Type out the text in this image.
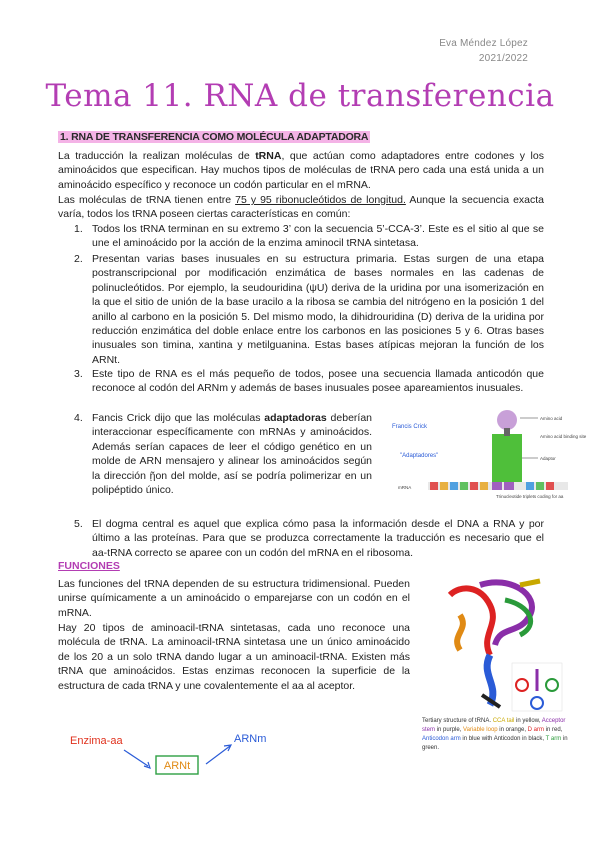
Eva Méndez López
2021/2022
Tema 11. RNA de transferencia
1. RNA DE TRANSFERENCIA COMO MOLÉCULA ADAPTADORA
La traducción la realizan moléculas de tRNA, que actúan como adaptadores entre codones y los aminoácidos que especifican. Hay muchos tipos de moléculas de tRNA pero cada una está unida a un aminoácido específico y reconoce un codón particular en el mRNA.
Las moléculas de tRNA tienen entre 75 y 95 ribonucleótidos de longitud. Aunque la secuencia exacta varía, todos los tRNA poseen ciertas características en común:
1. Todos los tRNA terminan en su extremo 3’ con la secuencia 5’-CCA-3’. Este es el sitio al que se une el aminoácido por la acción de la enzima aminocil tRNA sintetasa.
2. Presentan varias bases inusuales en su estructura primaria. Estas surgen de una etapa postranscripcional por modificación enzimática de bases normales en las cadenas de polinucleótidos. Por ejemplo, la seudouridina (ψU) deriva de la uridina por una isomerización en la que el sitio de unión de la base uracilo a la ribosa se cambia del nitrógeno en la posición 1 del anillo al carbono en la posición 5. Del mismo modo, la dihidrouridina (D) deriva de la uridina por reducción enzimática del doble enlace entre los carbonos en las posiciones 5 y 6. Otras bases inusuales son timina, xantina y metilguanina. Estas bases atípicas mejoran la función de los ARNt.
3. Este tipo de RNA es el más pequeño de todos, posee una secuencia llamada anticodón que reconoce al codón del ARNm y además de bases inusuales posee apareamientos inusuales.
4. Fancis Crick dijo que las moléculas adaptadoras deberían interaccionar específicamente con mRNAs y aminoácidos. Además serían capaces de leer el código genético en un molde de ARN mensajero y alinear los aminoácidos según la dirección ῇon del molde, así se podría polimerizar en un polipéptido único.
Francis Crick
"Adaptadores"
Amino acid
Amino acid binding site
Adaptor
mRNA
Trinucleotide triplets coding for aa
5. El dogma central es aquel que explica cómo pasa la información desde el DNA a RNA y por último a las proteínas. Para que se produzca correctamente la traducción es necesario que el aa-tRNA correcto se aparee con un codón del mRNA en el ribosoma.
FUNCIONES
Las funciones del tRNA dependen de su estructura tridimensional. Pueden unirse químicamente a un aminoácido o emparejarse con un codón en el mRNA.
Hay 20 tipos de aminoacil-tRNA sintetasas, cada uno reconoce una molécula de tRNA. La aminoacil-tRNA sintetasa une un único aminoácido de los 20 a un solo tRNA dando lugar a un aminoacil-tRNA. Existen más tRNA que aminoácidos. Estas enzimas reconocen la superficie de la estructura de cada tRNA y une covalentemente el aa al aceptor.
Tertiary structure of tRNA. CCA tail in yellow, Acceptor stem in purple, Variable loop in orange, D arm in red, Anticodon arm in blue with Anticodon in black, T arm in green.
Enzima-aa
ARNt
ARNm
